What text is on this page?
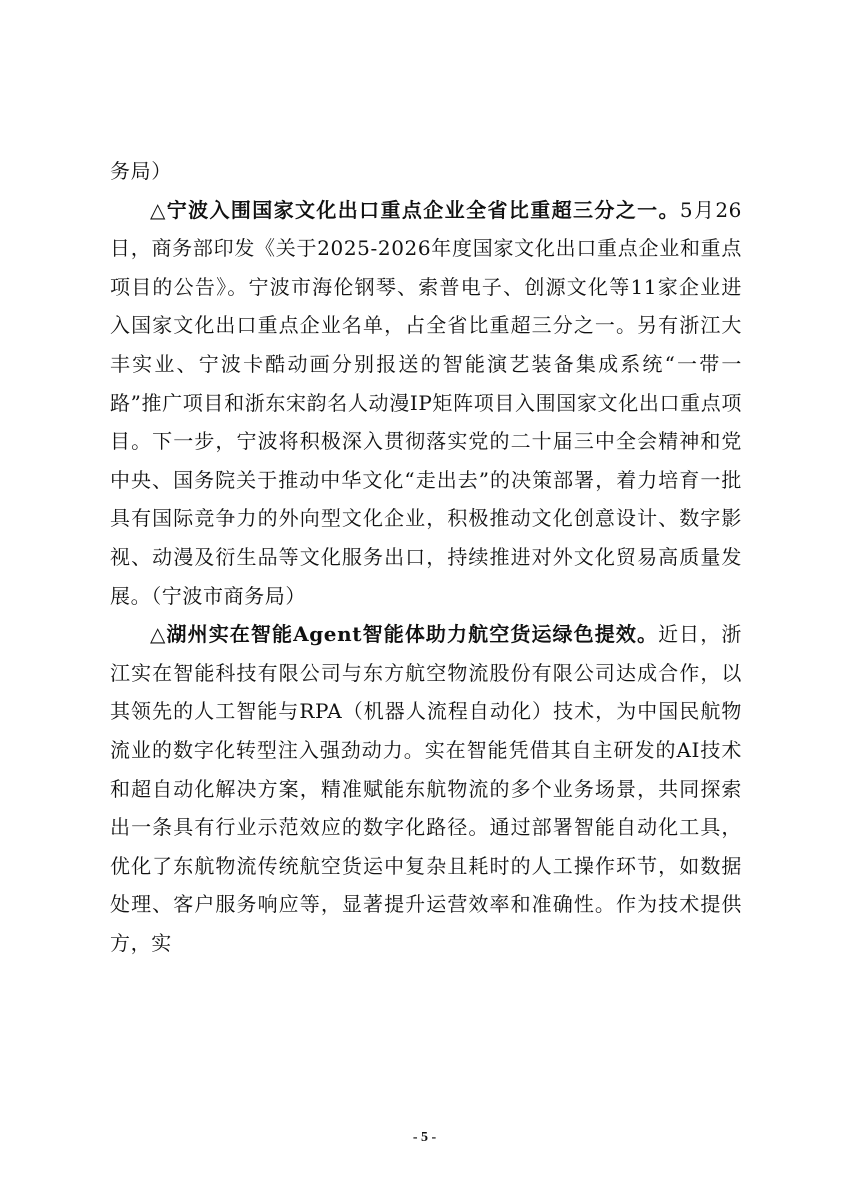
务局）

△宁波入围国家文化出口重点企业全省比重超三分之一。5月26日，商务部印发《关于2025-2026年度国家文化出口重点企业和重点项目的公告》。宁波市海伦钢琴、索普电子、创源文化等11家企业进入国家文化出口重点企业名单，占全省比重超三分之一。另有浙江大丰实业、宁波卡酷动画分别报送的智能演艺装备集成系统“一带一路”推广项目和浙东宋韵名人动漫IP矩阵项目入围国家文化出口重点项目。下一步，宁波将积极深入贯彻落实党的二十届三中全会精神和党中央、国务院关于推动中华文化“走出去”的决策部署，着力培育一批具有国际竞争力的外向型文化企业，积极推动文化创意设计、数字影视、动漫及衍生品等文化服务出口，持续推进对外文化贸易高质量发展。（宁波市商务局）

△湖州实在智能Agent智能体助力航空货运绿色提效。近日，浙江实在智能科技有限公司与东方航空物流股份有限公司达成合作，以其领先的人工智能与RPA（机器人流程自动化）技术，为中国民航物流业的数字化转型注入强劲动力。实在智能凭借其自主研发的AI技术和超自动化解决方案，精准赋能东航物流的多个业务场景，共同探索出一条具有行业示范效应的数字化路径。通过部署智能自动化工具，优化了东航物流传统航空货运中复杂且耗时的人工操作环节，如数据处理、客户服务响应等，显著提升运营效率和准确性。作为技术提供方，实

- 5 -
